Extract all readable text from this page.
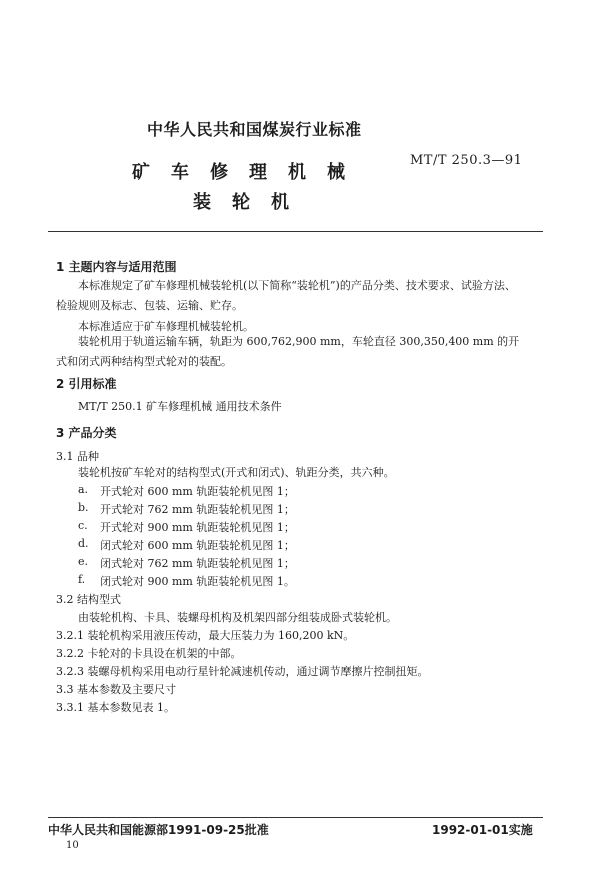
中华人民共和国煤炭行业标准
矿车修理机械
MT/T 250.3—91
装轮机
1 主题内容与适用范围
本标准规定了矿车修理机械装轮机(以下简称“装轮机”)的产品分类、技术要求、试验方法、检验规则及标志、包装、运输、贮存。
本标准适应于矿车修理机械装轮机。
装轮机用于轨道运输车辆，轨距为 600,762,900 mm，车轮直径 300,350,400 mm 的开式和闭式两种结构型式轮对的装配。
2 引用标准
MT/T 250.1 矿车修理机械 通用技术条件
3 产品分类
3.1 品种
装轮机按矿车轮对的结构型式(开式和闭式)、轨距分类，共六种。
a. 开式轮对 600 mm 轨距装轮机见图 1；
b. 开式轮对 762 mm 轨距装轮机见图 1；
c. 开式轮对 900 mm 轨距装轮机见图 1；
d. 闭式轮对 600 mm 轨距装轮机见图 1；
e. 闭式轮对 762 mm 轨距装轮机见图 1；
f. 闭式轮对 900 mm 轨距装轮机见图 1。
3.2 结构型式
由装轮机构、卡具、装螺母机构及机架四部分组装成卧式装轮机。
3.2.1 装轮机构采用液压传动，最大压装力为 160,200 kN。
3.2.2 卡轮对的卡具设在机架的中部。
3.2.3 装螺母机构采用电动行星针轮减速机传动，通过调节摩擦片控制扭矩。
3.3 基本参数及主要尺寸
3.3.1 基本参数见表 1。
中华人民共和国能源部1991-09-25批准	1992-01-01实施
10
